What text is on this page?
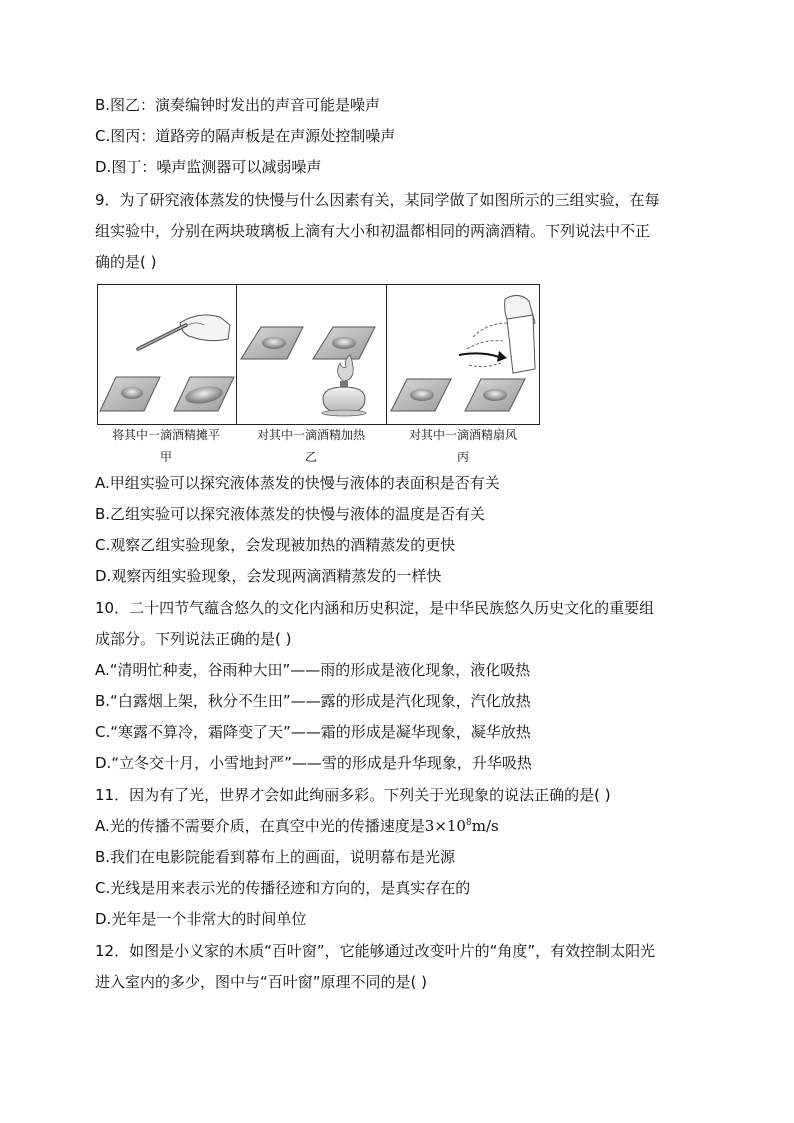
B.图乙：演奏编钟时发出的声音可能是噪声
C.图丙：道路旁的隔声板是在声源处控制噪声
D.图丁：噪声监测器可以减弱噪声
9．为了研究液体蒸发的快慢与什么因素有关，某同学做了如图所示的三组实验，在每
组实验中，分别在两块玻璃板上滴有大小和初温都相同的两滴酒精。下列说法中不正
确的是( )
将其中一滴酒精摊平	对其中一滴酒精加热	对其中一滴酒精扇风
甲	乙	丙
A.甲组实验可以探究液体蒸发的快慢与液体的表面积是否有关
B.乙组实验可以探究液体蒸发的快慢与液体的温度是否有关
C.观察乙组实验现象，会发现被加热的酒精蒸发的更快
D.观察丙组实验现象，会发现两滴酒精蒸发的一样快
10．二十四节气蕴含悠久的文化内涵和历史积淀，是中华民族悠久历史文化的重要组
成部分。下列说法正确的是( )
A.“清明忙种麦，谷雨种大田”——雨的形成是液化现象，液化吸热
B.“白露烟上架，秋分不生田”——露的形成是汽化现象，汽化放热
C.“寒露不算冷，霜降变了天”——霜的形成是凝华现象，凝华放热
D.“立冬交十月，小雪地封严”——雪的形成是升华现象，升华吸热
11．因为有了光，世界才会如此绚丽多彩。下列关于光现象的说法正确的是( )
A.光的传播不需要介质，在真空中光的传播速度是$3\times 10^8m/s$
B.我们在电影院能看到幕布上的画面，说明幕布是光源
C.光线是用来表示光的传播径迹和方向的，是真实存在的
D.光年是一个非常大的时间单位
12．如图是小义家的木质“百叶窗”，它能够通过改变叶片的“角度”，有效控制太阳光
进入室内的多少，图中与“百叶窗”原理不同的是( )
